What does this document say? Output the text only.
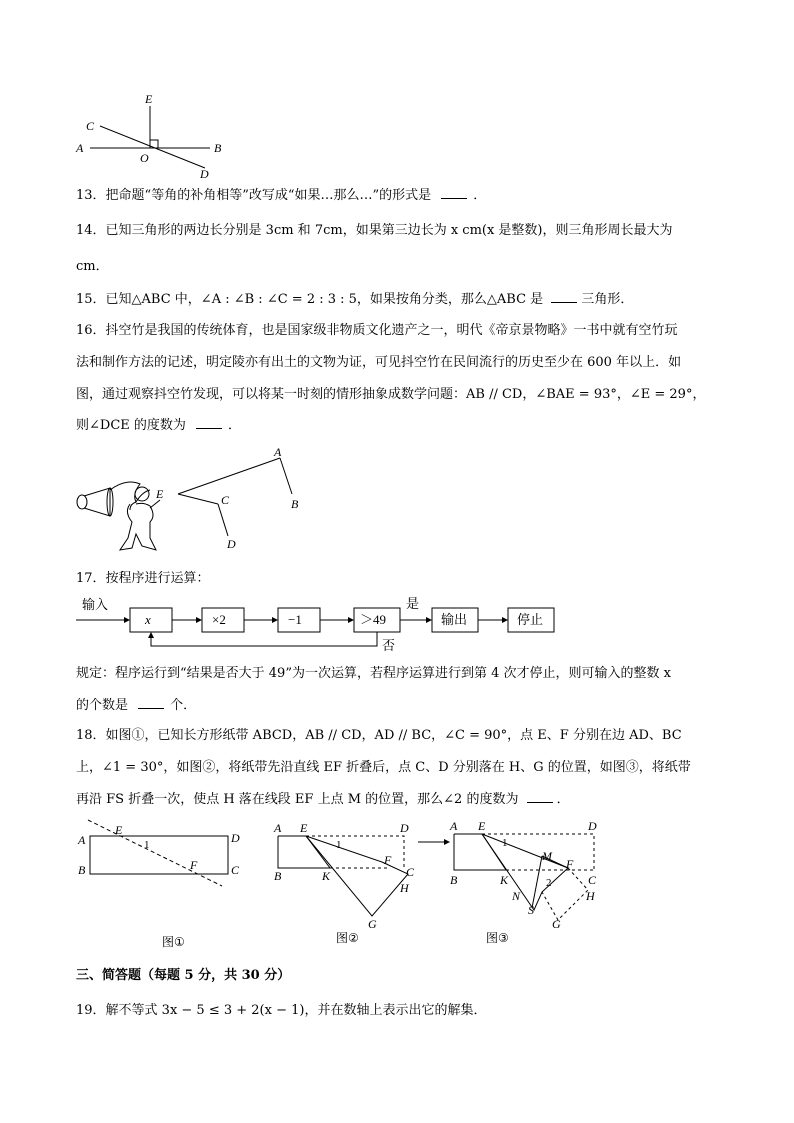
E
C
A
O
B
D
13．把命题“等角的补角相等”改写成“如果…那么…”的形式是	．
14．已知三角形的两边长分别是 3cm 和 7cm，如果第三边长为 x cm(x 是整数)，则三角形周长最大为
cm．
15．已知△ABC 中，∠A : ∠B : ∠C = 2 : 3 : 5，如果按角分类，那么△ABC 是	三角形．
16．抖空竹是我国的传统体育，也是国家级非物质文化遗产之一，明代《帝京景物略》一书中就有空竹玩
法和制作方法的记述，明定陵亦有出土的文物为证，可见抖空竹在民间流行的历史至少在 600 年以上．如
图，通过观察抖空竹发现，可以将某一时刻的情形抽象成数学问题：AB // CD，∠BAE = 93°，∠E = 29°，
则∠DCE 的度数为	．
A
B
E	C
D
17．按程序进行运算：
输入
x	×2	−1	＞49
是
输出	停止
否
规定：程序运行到“结果是否大于 49”为一次运算，若程序运算进行到第 4 次才停止，则可输入的整数 x
的个数是	个．
18．如图①，已知长方形纸带 ABCD，AB // CD，AD // BC，∠C = 90°，点 E、F 分别在边 AD、BC
上，∠1 = 30°，如图②，将纸带先沿直线 EF 折叠后，点 C、D 分别落在 H、G 的位置，如图③，将纸带
再沿 FS 折叠一次，使点 H 落在线段 EF 上点 M 的位置，那么∠2 的度数为	．
E
A	1	D
F
B	C
图①
A E	D
1
F
C
B	K
H
G
图②
A E	D
1
M
F
B	K	2	C
H
N
S
G
图③
三、简答题（每题 5 分，共 30 分）
19．解不等式 3x − 5 ≤ 3 + 2(x − 1)，并在数轴上表示出它的解集．
